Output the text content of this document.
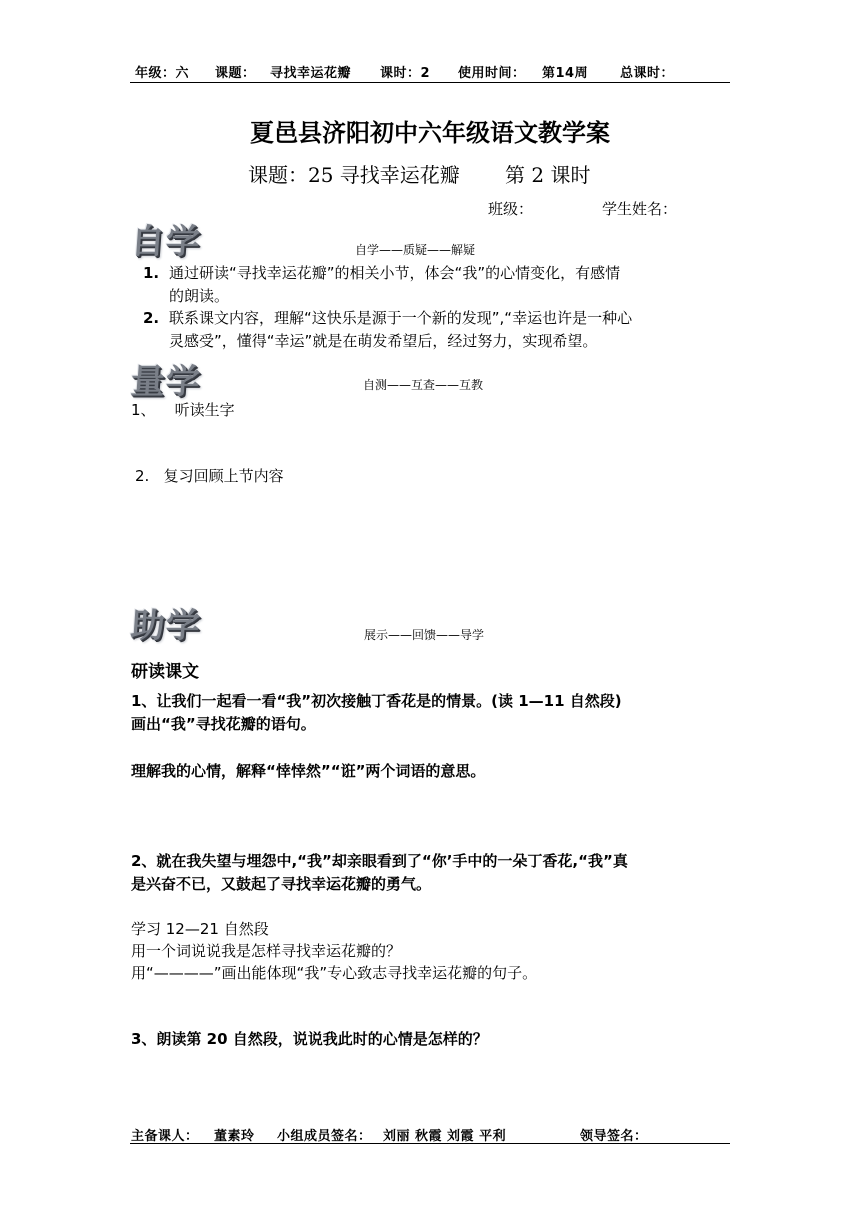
年级：六 课题： 寻找幸运花瓣 课时：2 使用时间： 第14周 总课时：
夏邑县济阳初中六年级语文教学案
课题：25 寻找幸运花瓣 第 2 课时
班级：	学生姓名：
自学	自学——质疑——解疑
1. 通过研读“寻找幸运花瓣”的相关小节，体会“我”的心情变化，有感情
的朗读。
2. 联系课文内容，理解“这快乐是源于一个新的发现”,“幸运也许是一种心
灵感受”，懂得“幸运”就是在萌发希望后，经过努力，实现希望。
量学	自测——互查——互教
1、    听读生字
2.   复习回顾上节内容
助学	展示——回馈——导学
研读课文
1、让我们一起看一看“我”初次接触丁香花是的情景。(读 1—11 自然段)
画出“我”寻找花瓣的语句。
理解我的心情，解释“悻悻然”“诳”两个词语的意思。
2、就在我失望与埋怨中,“我”却亲眼看到了“你’手中的一朵丁香花,“我”真
是兴奋不已，又鼓起了寻找幸运花瓣的勇气。
学习 12—21 自然段
用一个词说说我是怎样寻找幸运花瓣的？
用“————”画出能体现“我”专心致志寻找幸运花瓣的句子。
3、朗读第 20 自然段，说说我此时的心情是怎样的？
主备课人： 董素玲 小组成员签名： 刘丽 秋霞 刘霞 平利	领导签名：
